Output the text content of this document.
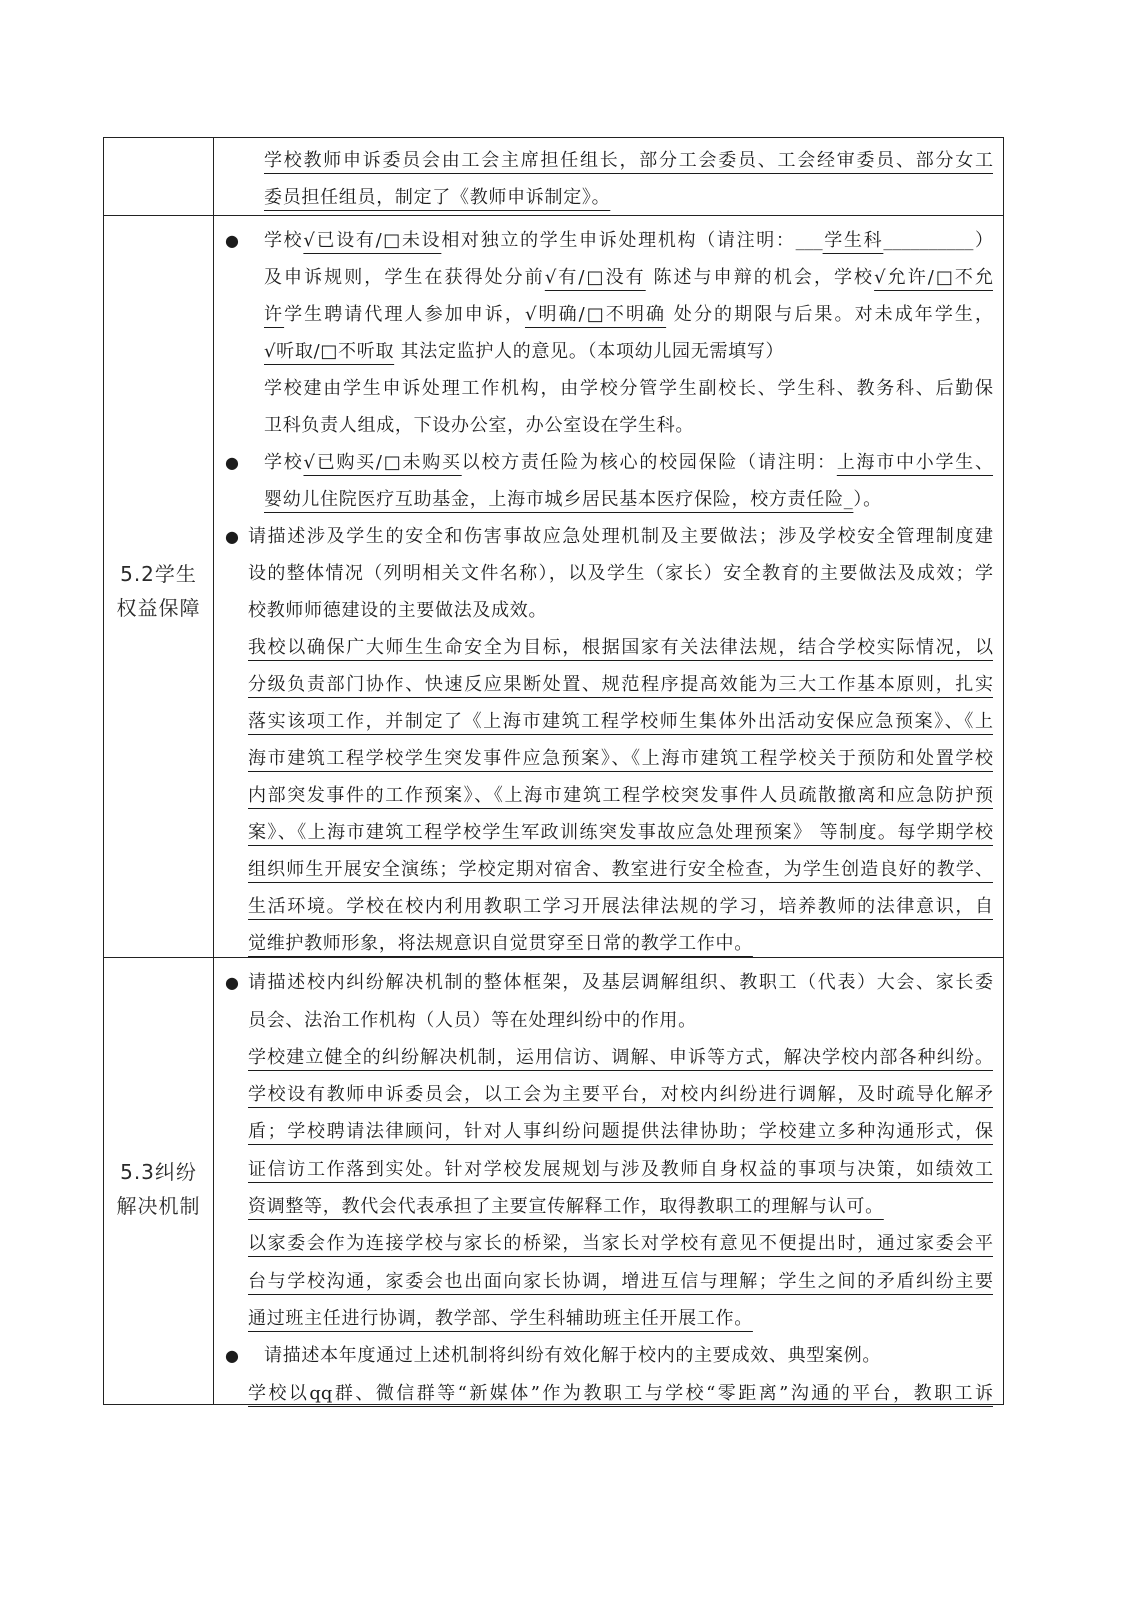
学校教师申诉委员会由工会主席担任组长，部分工会委员、工会经审委员、部分女工
委员担任组员，制定了《教师申诉制定》。
5.2学生
权益保障
● 学校√已设有/□未设相对独立的学生申诉处理机构（请注明：___学生科__________）
及申诉规则，学生在获得处分前√有/□没有 陈述与申辩的机会，学校√允许/□不允
许学生聘请代理人参加申诉，√明确/□不明确 处分的期限与后果。对未成年学生，
√听取/□不听取 其法定监护人的意见。（本项幼儿园无需填写）
学校建由学生申诉处理工作机构，由学校分管学生副校长、学生科、教务科、后勤保
卫科负责人组成，下设办公室，办公室设在学生科。
● 学校√已购买/□未购买以校方责任险为核心的校园保险（请注明：上海市中小学生、
婴幼儿住院医疗互助基金，上海市城乡居民基本医疗保险，校方责任险_）。
● 请描述涉及学生的安全和伤害事故应急处理机制及主要做法；涉及学校安全管理制度建
设的整体情况（列明相关文件名称），以及学生（家长）安全教育的主要做法及成效；学
校教师师德建设的主要做法及成效。
我校以确保广大师生生命安全为目标，根据国家有关法律法规，结合学校实际情况，以
分级负责部门协作、快速反应果断处置、规范程序提高效能为三大工作基本原则，扎实
落实该项工作，并制定了《上海市建筑工程学校师生集体外出活动安保应急预案》、《上
海市建筑工程学校学生突发事件应急预案》、《上海市建筑工程学校关于预防和处置学校
内部突发事件的工作预案》、《上海市建筑工程学校突发事件人员疏散撤离和应急防护预
案》、《上海市建筑工程学校学生军政训练突发事故应急处理预案》 等制度。每学期学校
组织师生开展安全演练；学校定期对宿舍、教室进行安全检查，为学生创造良好的教学、
生活环境。学校在校内利用教职工学习开展法律法规的学习，培养教师的法律意识，自
觉维护教师形象，将法规意识自觉贯穿至日常的教学工作中。
5.3纠纷
解决机制
● 请描述校内纠纷解决机制的整体框架，及基层调解组织、教职工（代表）大会、家长委
员会、法治工作机构（人员）等在处理纠纷中的作用。
学校建立健全的纠纷解决机制，运用信访、调解、申诉等方式，解决学校内部各种纠纷。
学校设有教师申诉委员会，以工会为主要平台，对校内纠纷进行调解，及时疏导化解矛
盾；学校聘请法律顾问，针对人事纠纷问题提供法律协助；学校建立多种沟通形式，保
证信访工作落到实处。针对学校发展规划与涉及教师自身权益的事项与决策，如绩效工
资调整等，教代会代表承担了主要宣传解释工作，取得教职工的理解与认可。
以家委会作为连接学校与家长的桥梁，当家长对学校有意见不便提出时，通过家委会平
台与学校沟通，家委会也出面向家长协调，增进互信与理解；学生之间的矛盾纠纷主要
通过班主任进行协调，教学部、学生科辅助班主任开展工作。
● 请描述本年度通过上述机制将纠纷有效化解于校内的主要成效、典型案例。
学校以qq群、微信群等“新媒体”作为教职工与学校“零距离”沟通的平台，教职工诉
